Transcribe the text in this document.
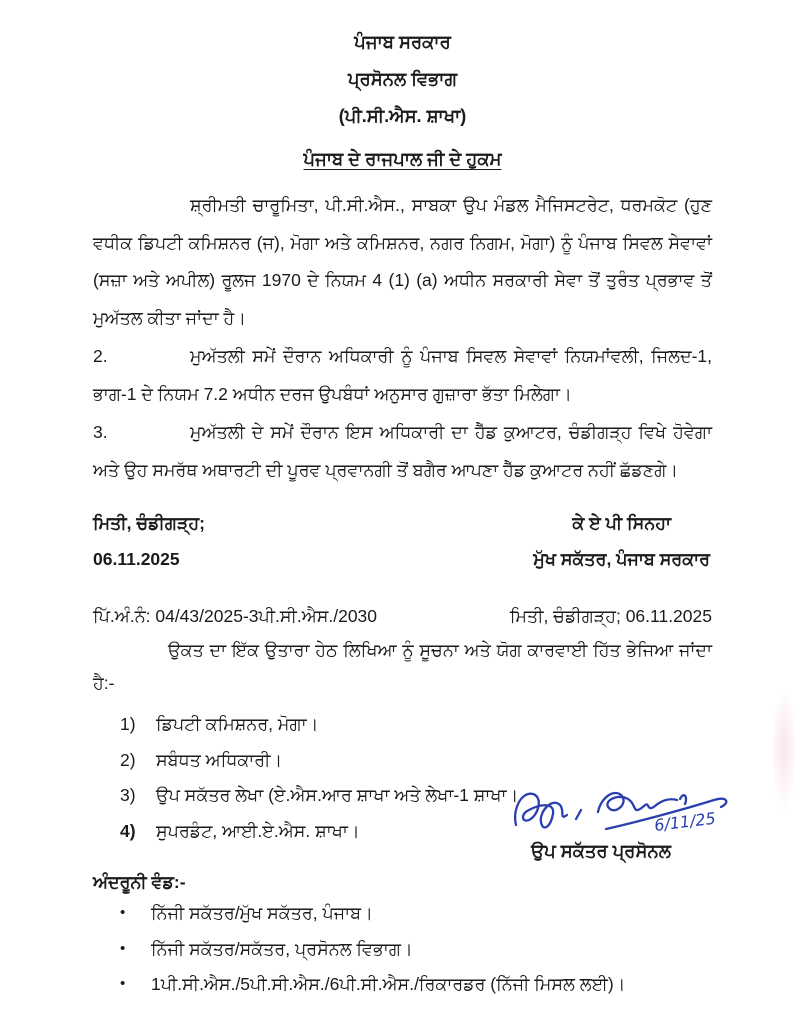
ਪੰਜਾਬ ਸਰਕਾਰ
ਪ੍ਰਸੋਨਲ ਵਿਭਾਗ
(ਪੀ.ਸੀ.ਐਸ. ਸ਼ਾਖਾ)
ਪੰਜਾਬ ਦੇ ਰਾਜਪਾਲ ਜੀ ਦੇ ਹੁਕਮ

ਸ਼੍ਰੀਮਤੀ ਚਾਰੂਮਿਤਾ, ਪੀ.ਸੀ.ਐਸ., ਸਾਬਕਾ ਉਪ ਮੰਡਲ ਮੈਜਿਸਟਰੇਟ, ਧਰਮਕੋਟ (ਹੁਣ ਵਧੀਕ ਡਿਪਟੀ ਕਮਿਸ਼ਨਰ (ਜ), ਮੋਗਾ ਅਤੇ ਕਮਿਸ਼ਨਰ, ਨਗਰ ਨਿਗਮ, ਮੋਗਾ) ਨੂੰ ਪੰਜਾਬ ਸਿਵਲ ਸੇਵਾਵਾਂ (ਸਜ਼ਾ ਅਤੇ ਅਪੀਲ) ਰੂਲਜ 1970 ਦੇ ਨਿਯਮ 4 (1) (a) ਅਧੀਨ ਸਰਕਾਰੀ ਸੇਵਾ ਤੋਂ ਤੁਰੰਤ ਪ੍ਰਭਾਵ ਤੋਂ ਮੁਅੱਤਲ ਕੀਤਾ ਜਾਂਦਾ ਹੈ।

2.	ਮੁਅੱਤਲੀ ਸਮੇਂ ਦੌਰਾਨ ਅਧਿਕਾਰੀ ਨੂੰ ਪੰਜਾਬ ਸਿਵਲ ਸੇਵਾਵਾਂ ਨਿਯਮਾਂਵਲੀ, ਜਿਲਦ-1, ਭਾਗ-1 ਦੇ ਨਿਯਮ 7.2 ਅਧੀਨ ਦਰਜ ਉਪਬੰਧਾਂ ਅਨੁਸਾਰ ਗੁਜ਼ਾਰਾ ਭੱਤਾ ਮਿਲੇਗਾ।

3.	ਮੁਅੱਤਲੀ ਦੇ ਸਮੇਂ ਦੌਰਾਨ ਇਸ ਅਧਿਕਾਰੀ ਦਾ ਹੈੱਡ ਕੁਆਟਰ, ਚੰਡੀਗੜ੍ਹ ਵਿਖੇ ਹੋਵੇਗਾ ਅਤੇ ਉਹ ਸਮਰੱਥ ਅਥਾਰਟੀ ਦੀ ਪੂਰਵ ਪ੍ਰਵਾਨਗੀ ਤੋਂ ਬਗੈਰ ਆਪਣਾ ਹੈੱਡ ਕੁਆਟਰ ਨਹੀਂ ਛੱਡਣਗੇ।

ਮਿਤੀ, ਚੰਡੀਗੜ੍ਹ;
06.11.2025
ਕੇ ਏ ਪੀ ਸਿਨਹਾ
ਮੁੱਖ ਸਕੱਤਰ, ਪੰਜਾਬ ਸਰਕਾਰ
ਪਿੱ.ਅੰ.ਨੰ: 04/43/2025-3ਪੀ.ਸੀ.ਐਸ./2030	ਮਿਤੀ, ਚੰਡੀਗੜ੍ਹ; 06.11.2025

ਉਕਤ ਦਾ ਇੱਕ ਉਤਾਰਾ ਹੇਠ ਲਿਖਿਆ ਨੂੰ ਸੂਚਨਾ ਅਤੇ ਯੋਗ ਕਾਰਵਾਈ ਹਿੱਤ ਭੇਜਿਆ ਜਾਂਦਾ ਹੈ:-

1)	ਡਿਪਟੀ ਕਮਿਸ਼ਨਰ, ਮੋਗਾ।
2)	ਸਬੰਧਤ ਅਧਿਕਾਰੀ।
3)	ਉਪ ਸਕੱਤਰ ਲੇਖਾ (ਏ.ਐਸ.ਆਰ ਸ਼ਾਖਾ ਅਤੇ ਲੇਖਾ-1 ਸ਼ਾਖਾ।
4)	ਸੁਪਰਡੰਟ, ਆਈ.ਏ.ਐਸ. ਸ਼ਾਖਾ।	6/11/25
ਉਪ ਸਕੱਤਰ ਪ੍ਰਸੋਨਲ
ਅੰਦਰੂਨੀ ਵੰਡ:-
•	ਨਿੱਜੀ ਸਕੱਤਰ/ਮੁੱਖ ਸਕੱਤਰ, ਪੰਜਾਬ।
•	ਨਿੱਜੀ ਸਕੱਤਰ/ਸਕੱਤਰ, ਪ੍ਰਸੋਨਲ ਵਿਭਾਗ।
•	1ਪੀ.ਸੀ.ਐਸ./5ਪੀ.ਸੀ.ਐਸ./6ਪੀ.ਸੀ.ਐਸ./ਰਿਕਾਰਡਰ (ਨਿੱਜੀ ਮਿਸਲ ਲਈ)।
